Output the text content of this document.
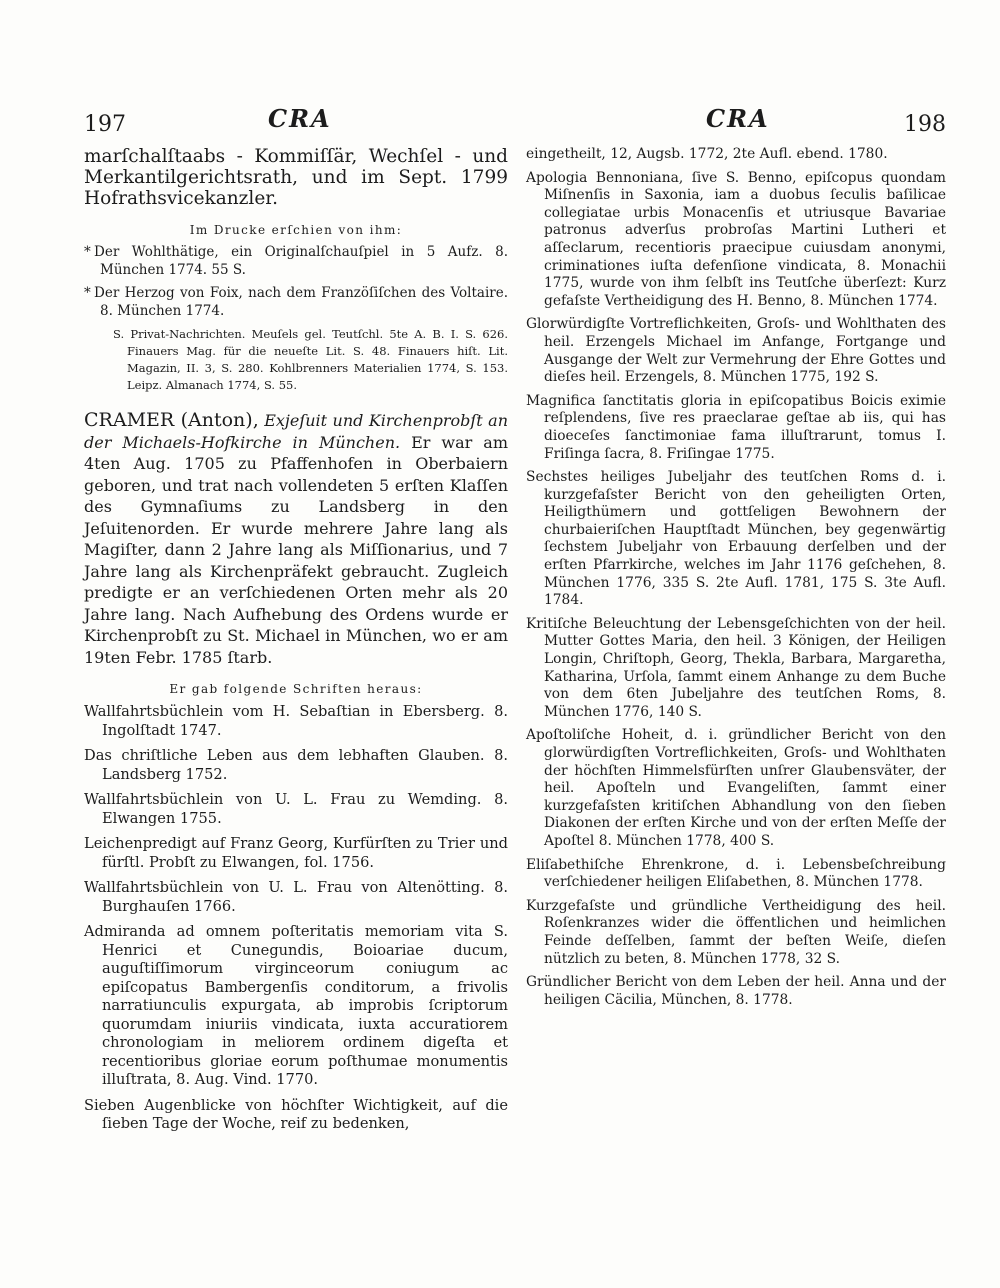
197	CRA	CRA	198

marſchalſtaabs - Kommiſſär, Wechſel - und Merkantilgerichtsrath, und im Sept. 1799 Hofrathsvicekanzler.

Im Drucke erſchien von ihm:

* Der Wohlthätige, ein Originalſchauſpiel in 5 Aufz. 8. München 1774. 55 S.

* Der Herzog von Foix, nach dem Franzöſiſchen des Voltaire. 8. München 1774.

S. Privat-Nachrichten. Meuſels gel. Teutſchl. 5te A. B. I. S. 626. Finauers Mag. für die neueſte Lit. S. 48. Finauers hiſt. Lit. Magazin, II. 3, S. 280. Kohlbrenners Materialien 1774, S. 153. Leipz. Almanach 1774, S. 55.

CRAMER (Anton), Exjeſuit und Kirchenprobſt an der Michaels-Hofkirche in München. Er war am 4ten Aug. 1705 zu Pfaffenhofen in Oberbaiern geboren, und trat nach vollendeten 5 erſten Klaſſen des Gymnaſiums zu Landsberg in den Jeſuitenorden. Er wurde mehrere Jahre lang als Magiſter, dann 2 Jahre lang als Miſſionarius, und 7 Jahre lang als Kirchenpräfekt gebraucht. Zugleich predigte er an verſchiedenen Orten mehr als 20 Jahre lang. Nach Aufhebung des Ordens wurde er Kirchenprobſt zu St. Michael in München, wo er am 19ten Febr. 1785 ſtarb.

Er gab folgende Schriften heraus:

Wallfahrtsbüchlein vom H. Sebaſtian in Ebersberg. 8. Ingolſtadt 1747.

Das chriſtliche Leben aus dem lebhaften Glauben. 8. Landsberg 1752.

Wallfahrtsbüchlein von U. L. Frau zu Wemding. 8. Elwangen 1755.

Leichenpredigt auf Franz Georg, Kurfürſten zu Trier und fürſtl. Probſt zu Elwangen, fol. 1756.

Wallfahrtsbüchlein von U. L. Frau von Altenötting. 8. Burghauſen 1766.

Admiranda ad omnem poſteritatis memoriam vita S. Henrici et Cunegundis, Boioariae ducum, auguſtiſſimorum virginceorum coniugum ac epiſcopatus Bambergenſis conditorum, a frivolis narratiunculis expurgata, ab improbis ſcriptorum quorumdam iniuriis vindicata, iuxta accuratiorem chronologiam in meliorem ordinem digeſta et recentioribus gloriae eorum poſthumae monumentis illuſtrata, 8. Aug. Vind. 1770.

Sieben Augenblicke von höchſter Wichtigkeit, auf die ſieben Tage der Woche, reif zu bedenken,

eingetheilt, 12, Augsb. 1772, 2te Aufl. ebend. 1780.

Apologia Bennoniana, ſive S. Benno, epiſcopus quondam Miſnenſis in Saxonia, iam a duobus ſeculis baſilicae collegiatae urbis Monacenſis et utriusque Bavariae patronus adverſus probroſas Martini Lutheri et aſſeclarum, recentioris praecipue cuiusdam anonymi, criminationes iuſta defenſione vindicata, 8. Monachii 1775, wurde von ihm ſelbſt ins Teutſche überſezt: Kurz gefaſste Vertheidigung des H. Benno, 8. München 1774.

Glorwürdigſte Vortreflichkeiten, Groſs- und Wohlthaten des heil. Erzengels Michael im Anfange, Fortgange und Ausgange der Welt zur Vermehrung der Ehre Gottes und dieſes heil. Erzengels, 8. München 1775, 192 S.

Magnifica ſanctitatis gloria in epiſcopatibus Boicis eximie reſplendens, ſive res praeclarae geſtae ab iis, qui has dioeceſes ſanctimoniae fama illuſtrarunt, tomus I. Friſinga ſacra, 8. Friſingae 1775.

Sechstes heiliges Jubeljahr des teutſchen Roms d. i. kurzgefaſster Bericht von den geheiligten Orten, Heiligthümern und gottſeligen Bewohnern der churbaieriſchen Hauptſtadt München, bey gegenwärtig ſechstem Jubeljahr von Erbauung derſelben und der erſten Pfarrkirche, welches im Jahr 1176 geſchehen, 8. München 1776, 335 S. 2te Aufl. 1781, 175 S. 3te Aufl. 1784.

Kritiſche Beleuchtung der Lebensgeſchichten von der heil. Mutter Gottes Maria, den heil. 3 Königen, der Heiligen Longin, Chriſtoph, Georg, Thekla, Barbara, Margaretha, Katharina, Urſola, ſammt einem Anhange zu dem Buche von dem 6ten Jubeljahre des teutſchen Roms, 8. München 1776, 140 S.

Apoſtoliſche Hoheit, d. i. gründlicher Bericht von den glorwürdigſten Vortreflichkeiten, Groſs- und Wohlthaten der höchſten Himmelsfürſten unſrer Glaubensväter, der heil. Apoſteln und Evangeliſten, ſammt einer kurzgefaſsten kritiſchen Abhandlung von den ſieben Diakonen der erſten Kirche und von der erſten Meſſe der Apoſtel 8. München 1778, 400 S.

Eliſabethiſche Ehrenkrone, d. i. Lebensbeſchreibung verſchiedener heiligen Eliſabethen, 8. München 1778.

Kurzgefaſste und gründliche Vertheidigung des heil. Roſenkranzes wider die öffentlichen und heimlichen Feinde deſſelben, ſammt der beſten Weiſe, dieſen nützlich zu beten, 8. München 1778, 32 S.

Gründlicher Bericht von dem Leben der heil. Anna und der heiligen Cäcilia, München, 8. 1778.
